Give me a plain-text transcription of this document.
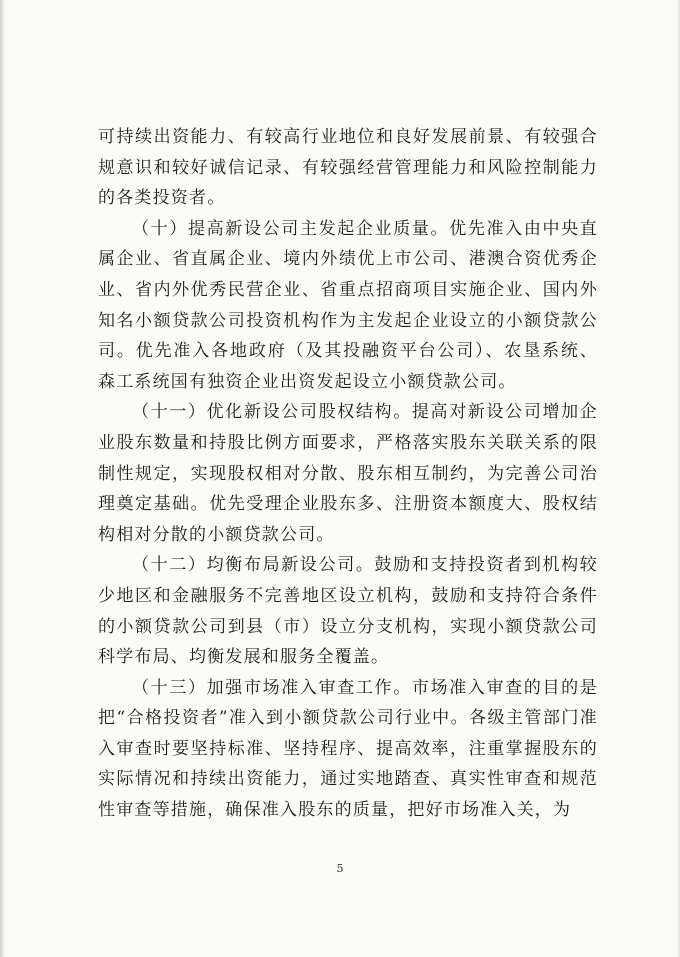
可持续出资能力、有较高行业地位和良好发展前景、有较强合规意识和较好诚信记录、有较强经营管理能力和风险控制能力的各类投资者。

（十）提高新设公司主发起企业质量。优先准入由中央直属企业、省直属企业、境内外绩优上市公司、港澳合资优秀企业、省内外优秀民营企业、省重点招商项目实施企业、国内外知名小额贷款公司投资机构作为主发起企业设立的小额贷款公司。优先准入各地政府（及其投融资平台公司）、农垦系统、森工系统国有独资企业出资发起设立小额贷款公司。

（十一）优化新设公司股权结构。提高对新设公司增加企业股东数量和持股比例方面要求，严格落实股东关联关系的限制性规定，实现股权相对分散、股东相互制约，为完善公司治理奠定基础。优先受理企业股东多、注册资本额度大、股权结构相对分散的小额贷款公司。

（十二）均衡布局新设公司。鼓励和支持投资者到机构较少地区和金融服务不完善地区设立机构，鼓励和支持符合条件的小额贷款公司到县（市）设立分支机构，实现小额贷款公司科学布局、均衡发展和服务全覆盖。

（十三）加强市场准入审查工作。市场准入审查的目的是把“合格投资者”准入到小额贷款公司行业中。各级主管部门准入审查时要坚持标准、坚持程序、提高效率，注重掌握股东的实际情况和持续出资能力，通过实地踏查、真实性审查和规范性审查等措施，确保准入股东的质量，把好市场准入关，为

5
